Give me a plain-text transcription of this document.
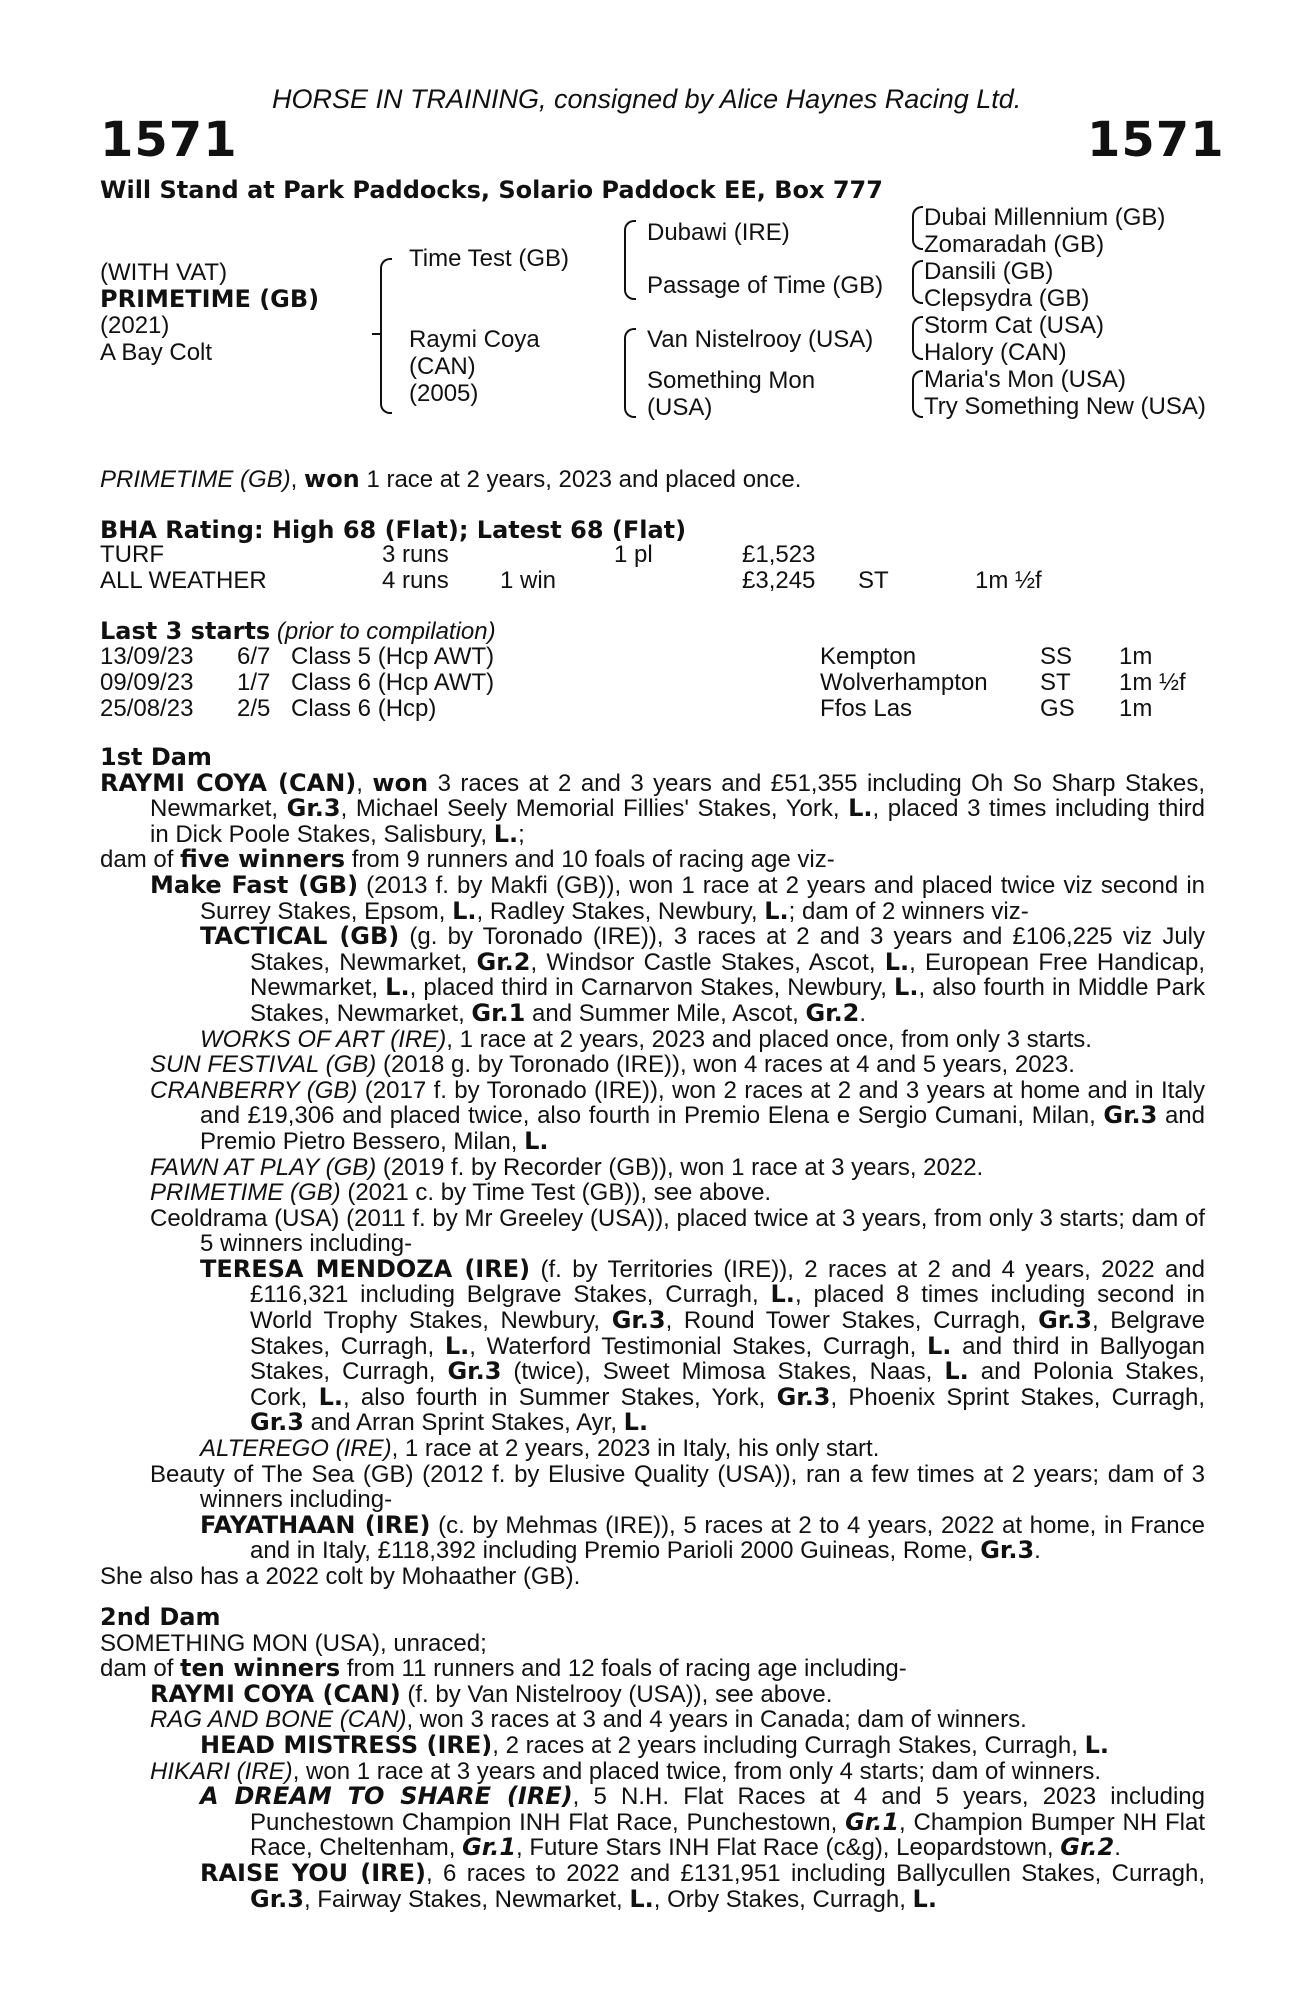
HORSE IN TRAINING, consigned by Alice Haynes Racing Ltd.
1571	1571
Will Stand at Park Paddocks, Solario Paddock EE, Box 777
(WITH VAT)
PRIMETIME (GB)
(2021)
A Bay Colt
Time Test (GB)
Raymi Coya
(CAN)
(2005)
Dubawi (IRE)
Passage of Time (GB)
Van Nistelrooy (USA)
Something Mon
(USA)
Dubai Millennium (GB)
Zomaradah (GB)
Dansili (GB)
Clepsydra (GB)
Storm Cat (USA)
Halory (CAN)
Maria's Mon (USA)
Try Something New (USA)
PRIMETIME (GB), won 1 race at 2 years, 2023 and placed once.
BHA Rating: High 68 (Flat); Latest 68 (Flat)
TURF	3 runs	1 pl	£1,523
ALL WEATHER	4 runs 1 win	£3,245 ST	1m ½f
Last 3 starts (prior to compilation)
13/09/23 6/7 Class 5 (Hcp AWT)	Kempton	SS 1m
09/09/23 1/7 Class 6 (Hcp AWT)	Wolverhampton ST 1m ½f
25/08/23 2/5 Class 6 (Hcp)	Ffos Las	GS 1m

1st Dam

RAYMI COYA (CAN), won 3 races at 2 and 3 years and £51,355 including Oh So Sharp Stakes, Newmarket, Gr.3, Michael Seely Memorial Fillies' Stakes, York, L., placed 3 times including third in Dick Poole Stakes, Salisbury, L.;

dam of five winners from 9 runners and 10 foals of racing age viz-

Make Fast (GB) (2013 f. by Makfi (GB)), won 1 race at 2 years and placed twice viz second in Surrey Stakes, Epsom, L., Radley Stakes, Newbury, L.; dam of 2 winners viz-

TACTICAL (GB) (g. by Toronado (IRE)), 3 races at 2 and 3 years and £106,225 viz July Stakes, Newmarket, Gr.2, Windsor Castle Stakes, Ascot, L., European Free Handicap, Newmarket, L., placed third in Carnarvon Stakes, Newbury, L., also fourth in Middle Park Stakes, Newmarket, Gr.1 and Summer Mile, Ascot, Gr.2.

WORKS OF ART (IRE), 1 race at 2 years, 2023 and placed once, from only 3 starts.

SUN FESTIVAL (GB) (2018 g. by Toronado (IRE)), won 4 races at 4 and 5 years, 2023.

CRANBERRY (GB) (2017 f. by Toronado (IRE)), won 2 races at 2 and 3 years at home and in Italy and £19,306 and placed twice, also fourth in Premio Elena e Sergio Cumani, Milan, Gr.3 and Premio Pietro Bessero, Milan, L.

FAWN AT PLAY (GB) (2019 f. by Recorder (GB)), won 1 race at 3 years, 2022.

PRIMETIME (GB) (2021 c. by Time Test (GB)), see above.

Ceoldrama (USA) (2011 f. by Mr Greeley (USA)), placed twice at 3 years, from only 3 starts; dam of 5 winners including-

TERESA MENDOZA (IRE) (f. by Territories (IRE)), 2 races at 2 and 4 years, 2022 and £116,321 including Belgrave Stakes, Curragh, L., placed 8 times including second in World Trophy Stakes, Newbury, Gr.3, Round Tower Stakes, Curragh, Gr.3, Belgrave Stakes, Curragh, L., Waterford Testimonial Stakes, Curragh, L. and third in Ballyogan Stakes, Curragh, Gr.3 (twice), Sweet Mimosa Stakes, Naas, L. and Polonia Stakes, Cork, L., also fourth in Summer Stakes, York, Gr.3, Phoenix Sprint Stakes, Curragh, Gr.3 and Arran Sprint Stakes, Ayr, L.

ALTEREGO (IRE), 1 race at 2 years, 2023 in Italy, his only start.

Beauty of The Sea (GB) (2012 f. by Elusive Quality (USA)), ran a few times at 2 years; dam of 3 winners including-

FAYATHAAN (IRE) (c. by Mehmas (IRE)), 5 races at 2 to 4 years, 2022 at home, in France and in Italy, £118,392 including Premio Parioli 2000 Guineas, Rome, Gr.3.

She also has a 2022 colt by Mohaather (GB).

2nd Dam

SOMETHING MON (USA), unraced;

dam of ten winners from 11 runners and 12 foals of racing age including-

RAYMI COYA (CAN) (f. by Van Nistelrooy (USA)), see above.

RAG AND BONE (CAN), won 3 races at 3 and 4 years in Canada; dam of winners.

HEAD MISTRESS (IRE), 2 races at 2 years including Curragh Stakes, Curragh, L.

HIKARI (IRE), won 1 race at 3 years and placed twice, from only 4 starts; dam of winners.

A DREAM TO SHARE (IRE), 5 N.H. Flat Races at 4 and 5 years, 2023 including Punchestown Champion INH Flat Race, Punchestown, Gr.1, Champion Bumper NH Flat Race, Cheltenham, Gr.1, Future Stars INH Flat Race (c&g), Leopardstown, Gr.2.

RAISE YOU (IRE), 6 races to 2022 and £131,951 including Ballycullen Stakes, Curragh, Gr.3, Fairway Stakes, Newmarket, L., Orby Stakes, Curragh, L.
